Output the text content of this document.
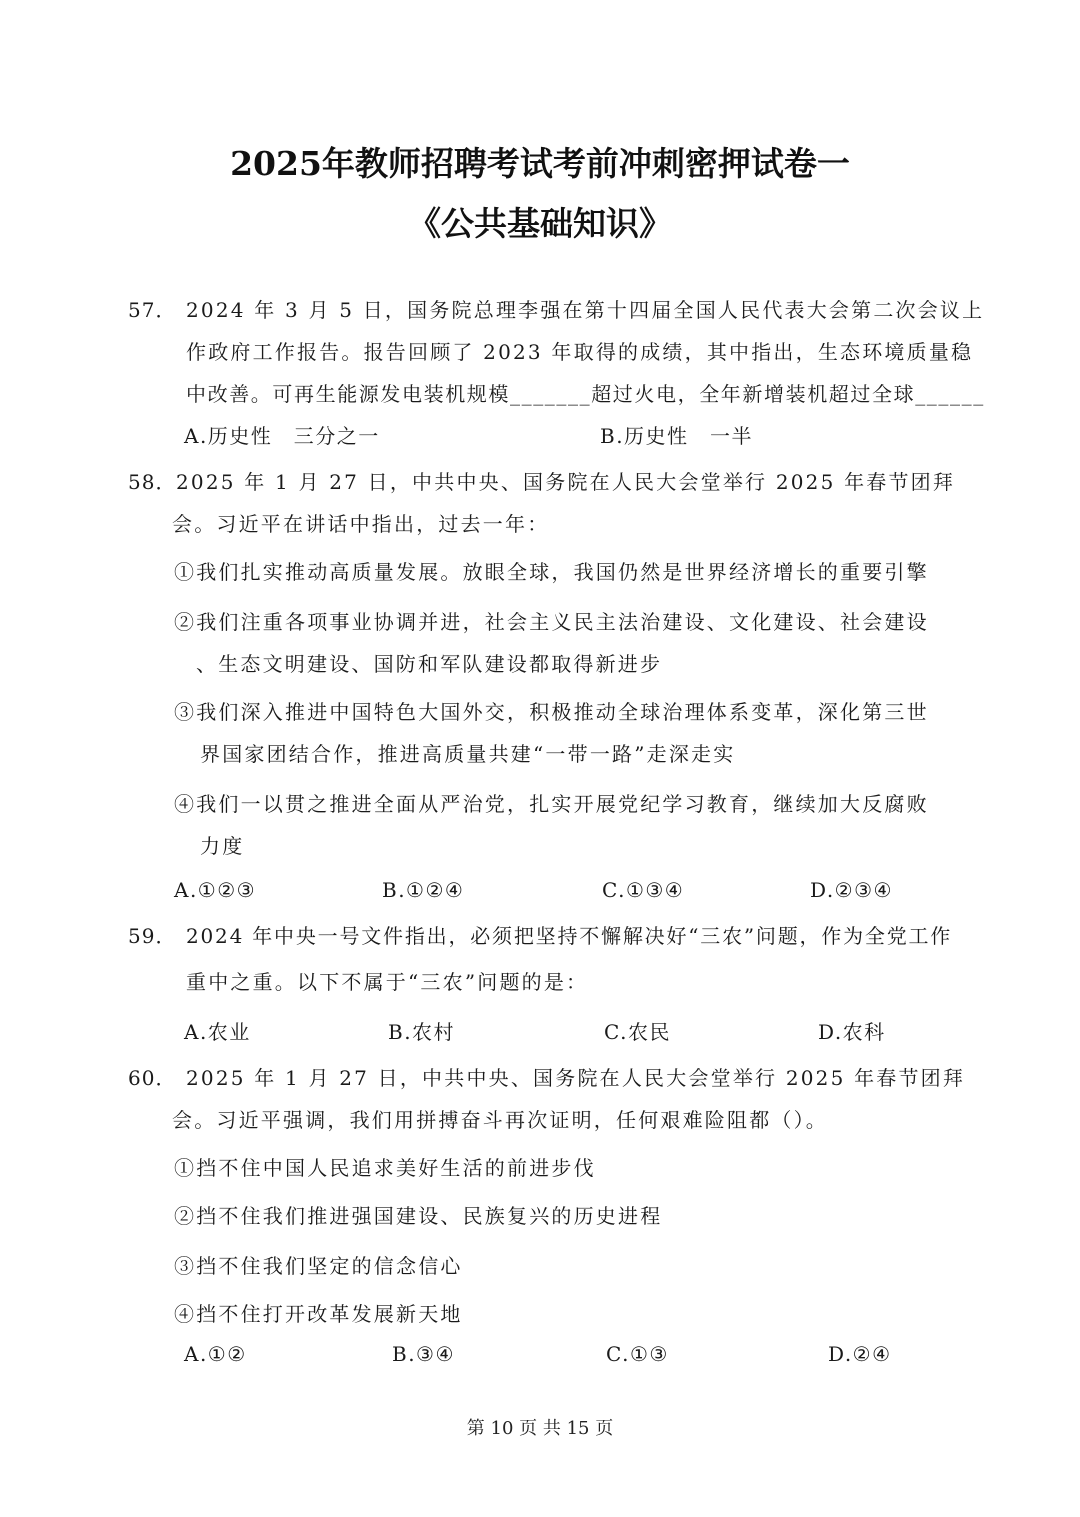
2025年教师招聘考试考前冲刺密押试卷一
《公共基础知识》
57． 2024 年 3 月 5 日，国务院总理李强在第十四届全国人民代表大会第二次会议上
作政府工作报告。报告回顾了 2023 年取得的成绩，其中指出，生态环境质量稳
中改善。可再生能源发电装机规模_______超过火电，全年新增装机超过全球______
A.历史性　三分之一	B.历史性　一半
58． 2025 年 1 月 27 日，中共中央、国务院在人民大会堂举行 2025 年春节团拜
会。习近平在讲话中指出，过去一年：
①我们扎实推动高质量发展。放眼全球，我国仍然是世界经济增长的重要引擎
②我们注重各项事业协调并进，社会主义民主法治建设、文化建设、社会建设
、生态文明建设、国防和军队建设都取得新进步
③我们深入推进中国特色大国外交，积极推动全球治理体系变革，深化第三世
界国家团结合作，推进高质量共建“一带一路”走深走实
④我们一以贯之推进全面从严治党，扎实开展党纪学习教育，继续加大反腐败
力度
A.①②③	B.①②④	C.①③④	D.②③④
59． 2024 年中央一号文件指出，必须把坚持不懈解决好“三农”问题，作为全党工作
重中之重。以下不属于“三农”问题的是：
A.农业	B.农村	C.农民	D.农科
60． 2025 年 1 月 27 日，中共中央、国务院在人民大会堂举行 2025 年春节团拜
会。习近平强调，我们用拼搏奋斗再次证明，任何艰难险阻都（）。
①挡不住中国人民追求美好生活的前进步伐
②挡不住我们推进强国建设、民族复兴的历史进程
③挡不住我们坚定的信念信心
④挡不住打开改革发展新天地
A.①②	B.③④	C.①③	D.②④
第 10 页 共 15 页
